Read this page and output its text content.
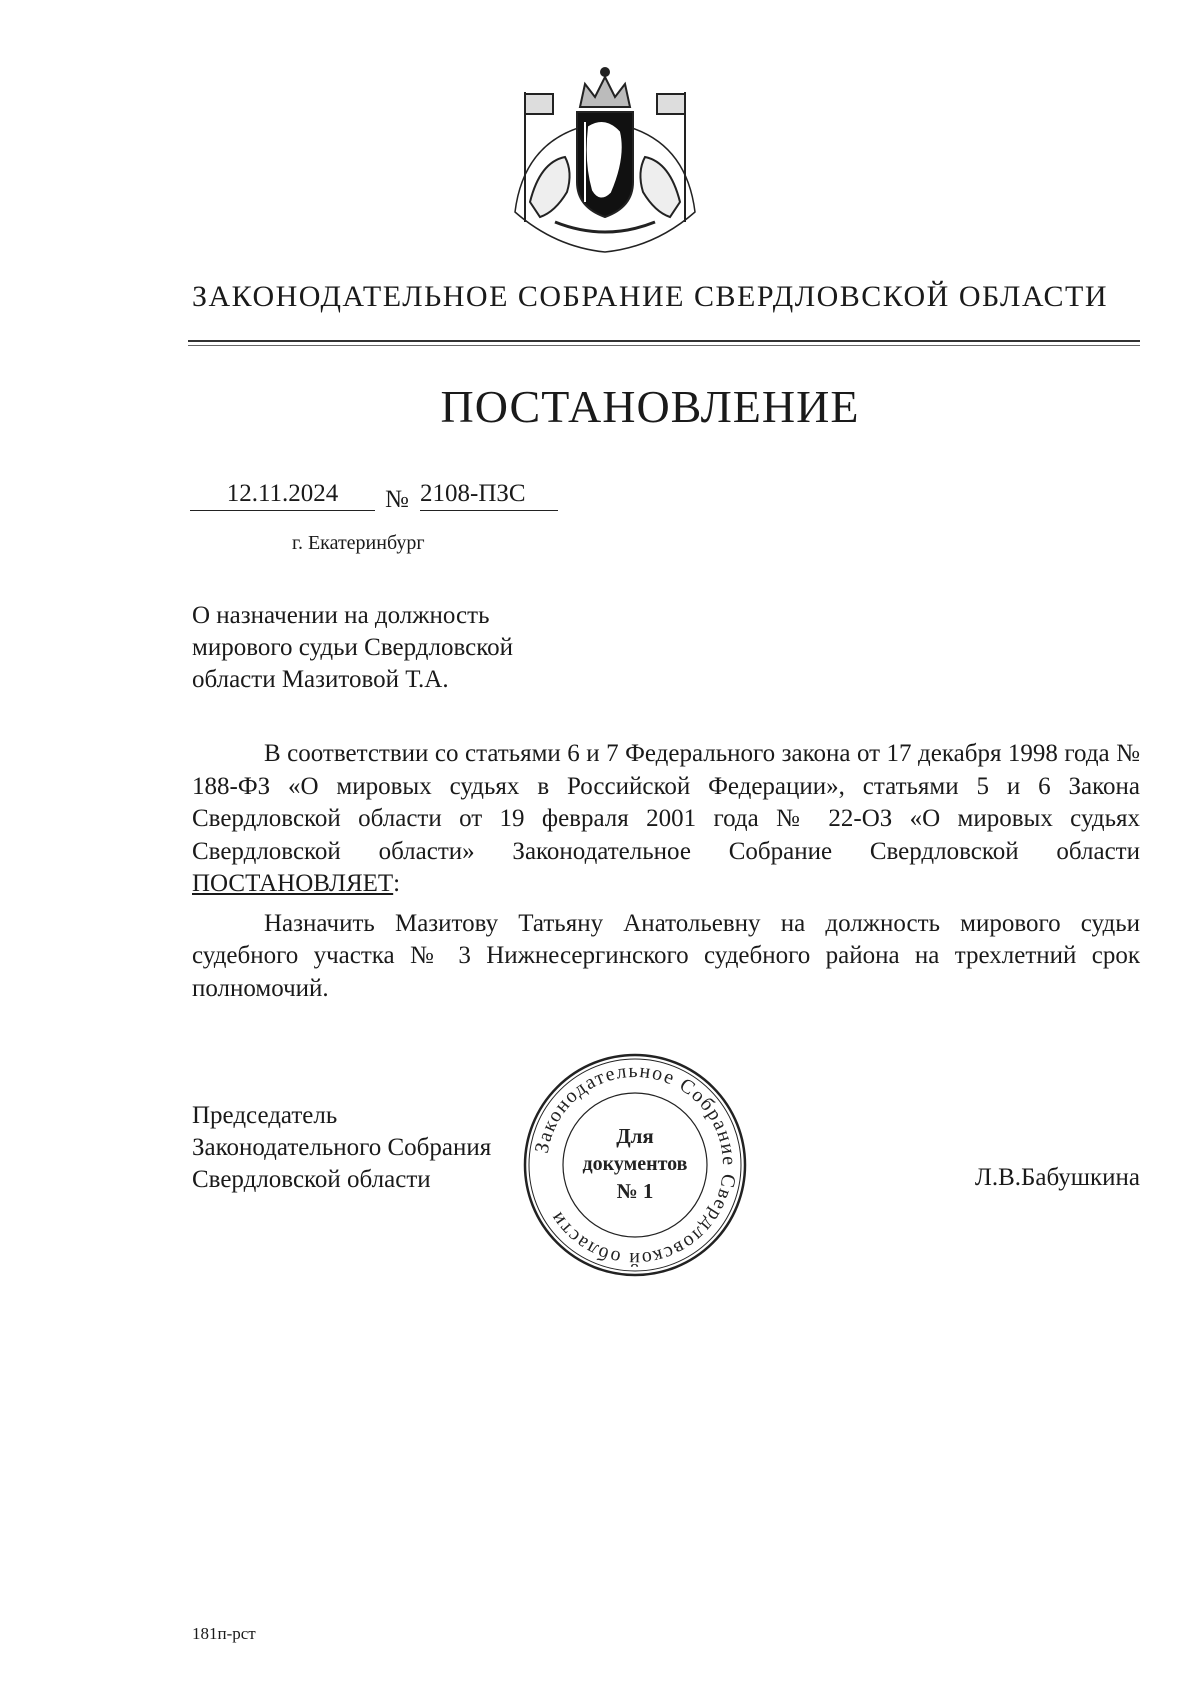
ЗАКОНОДАТЕЛЬНОЕ СОБРАНИЕ СВЕРДЛОВСКОЙ ОБЛАСТИ
ПОСТАНОВЛЕНИЕ
12.11.2024	№ 2108-ПЗС
г. Екатеринбург
О назначении на должность
мирового судьи Свердловской
области Мазитовой Т.А.

В соответствии со статьями 6 и 7 Федерального закона от 17 декабря 1998 года № 188-ФЗ «О мировых судьях в Российской Федерации», статьями 5 и 6 Закона Свердловской области от 19 февраля 2001 года № 22-ОЗ «О мировых судьях Свердловской области» Законодательное Собрание Свердловской области ПОСТАНОВЛЯЕТ:

Назначить Мазитову Татьяну Анатольевну на должность мирового судьи судебного участка № 3 Нижнесергинского судебного района на трехлетний срок полномочий.

Председатель
Законодательного Собрания
Свердловской области	Л.В.Бабушкина
Законодательное Собрание Свердловской области
Для
документов
№ 1
181п-рст
